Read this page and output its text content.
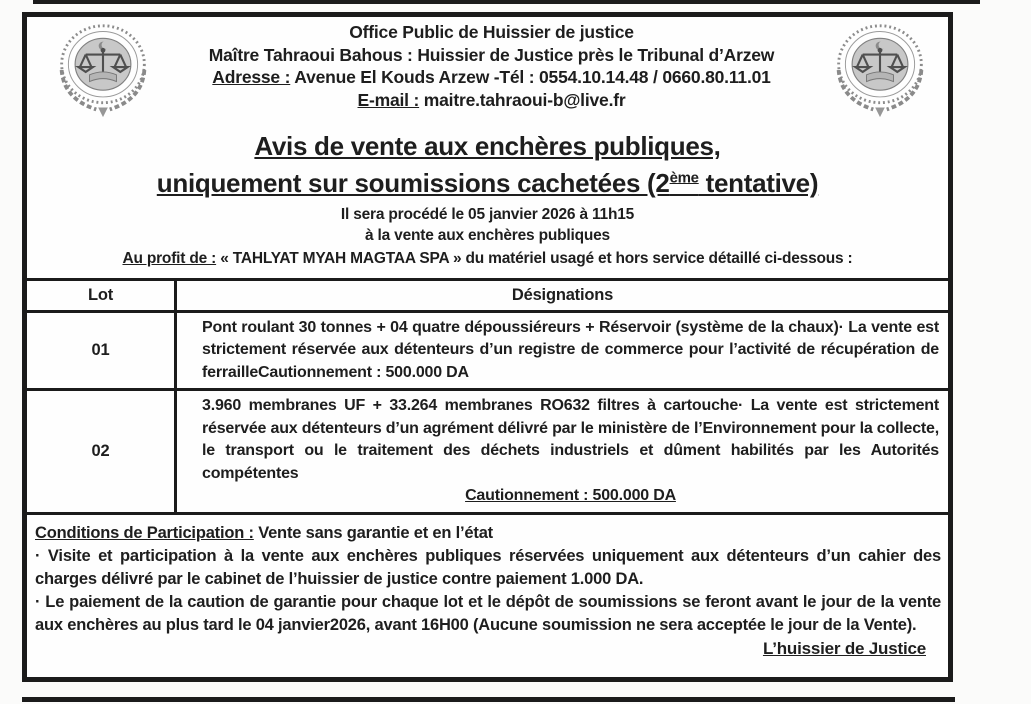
Office Public de Huissier de justice
Maître Tahraoui Bahous : Huissier de Justice près le Tribunal d’Arzew
Adresse : Avenue El Kouds Arzew -Tél : 0554.10.14.48 / 0660.80.11.01
E-mail : maitre.tahraoui-b@live.fr
Avis de vente aux enchères publiques,
uniquement sur soumissions cachetées (2ème tentative)
Il sera procédé le 05 janvier 2026 à 11h15
à la vente aux enchères publiques
Au profit de : « TAHLYAT MYAH MAGTAA SPA » du matériel usagé et hors service détaillé ci-dessous :
Lot	Désignations
01
Pont roulant 30 tonnes + 04 quatre dépoussiéreurs + Réservoir (système de la chaux)· La vente est strictement réservée aux détenteurs d’un registre de commerce pour l’activité de récupération de ferrailleCautionnement : 500.000 DA
02
3.960 membranes UF + 33.264 membranes RO632 filtres à cartouche· La vente est strictement réservée aux détenteurs d’un agrément délivré par le ministère de l’Environnement pour la collecte, le transport ou le traitement des déchets industriels et dûment habilités par les Autorités compétentes
Cautionnement : 500.000 DA
Conditions de Participation : Vente sans garantie et en l’état
· Visite et participation à la vente aux enchères publiques réservées uniquement aux détenteurs d’un cahier des charges délivré par le cabinet de l’huissier de justice contre paiement 1.000 DA.
· Le paiement de la caution de garantie pour chaque lot et le dépôt de soumissions se feront avant le jour de la vente aux enchères au plus tard le 04 janvier2026, avant 16H00 (Aucune soumission ne sera acceptée le jour de la Vente).
L’huissier de Justice
